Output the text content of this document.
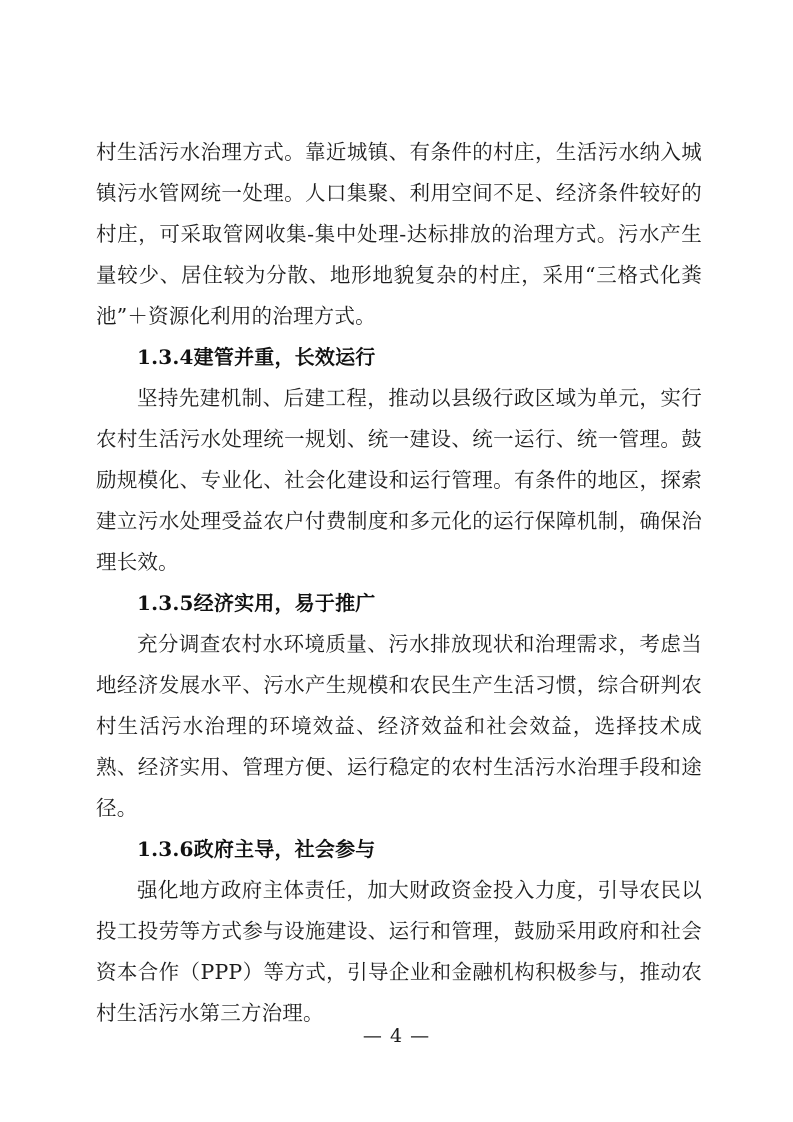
村生活污水治理方式。靠近城镇、有条件的村庄，生活污水纳入城镇污水管网统一处理。人口集聚、利用空间不足、经济条件较好的村庄，可采取管网收集-集中处理-达标排放的治理方式。污水产生量较少、居住较为分散、地形地貌复杂的村庄，采用“三格式化粪池”＋资源化利用的治理方式。

1.3.4建管并重，长效运行

坚持先建机制、后建工程，推动以县级行政区域为单元，实行农村生活污水处理统一规划、统一建设、统一运行、统一管理。鼓励规模化、专业化、社会化建设和运行管理。有条件的地区，探索建立污水处理受益农户付费制度和多元化的运行保障机制，确保治理长效。

1.3.5经济实用，易于推广

充分调查农村水环境质量、污水排放现状和治理需求，考虑当地经济发展水平、污水产生规模和农民生产生活习惯，综合研判农村生活污水治理的环境效益、经济效益和社会效益，选择技术成熟、经济实用、管理方便、运行稳定的农村生活污水治理手段和途径。

1.3.6政府主导，社会参与

强化地方政府主体责任，加大财政资金投入力度，引导农民以投工投劳等方式参与设施建设、运行和管理，鼓励采用政府和社会资本合作（PPP）等方式，引导企业和金融机构积极参与，推动农村生活污水第三方治理。

— 4 —
